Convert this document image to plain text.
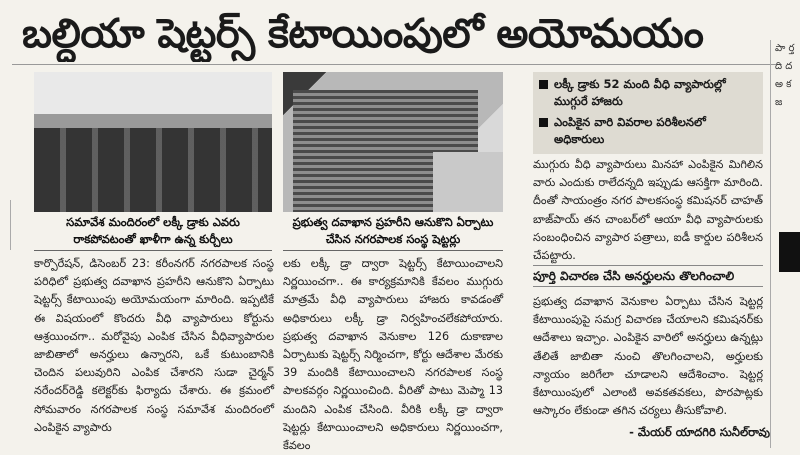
బల్దియా షెట్టర్స్ కేటాయింపులో అయోమయం
సమావేశ మందిరంలో లక్కీ డ్రాకు ఎవరు రాకపోవటంతో ఖాళీగా ఉన్న కుర్చీలు
ప్రభుత్వ దవాఖాన ప్రహరీని ఆనుకొని ఏర్పాటు చేసిన నగరపాలక సంస్థ షెట్టర్లు
లక్కీ డ్రాకు 52 మంది వీధి వ్యాపారుల్లో ముగ్గురే హాజరు
ఎంపికైన వారి వివరాల పరిశీలనలో అధికారులు

కార్పొరేషన్, డిసెంబర్ 23: కరీంనగర్ నగరపాలక సంస్థ పరిధిలో ప్రభుత్వ దవాఖాన ప్రహరీని ఆనుకొని ఏర్పాటు షెట్టర్స్ కేటాయింపు అయోమయంగా మారింది. ఇప్పటికే ఈ విషయంలో కొందరు వీధి వ్యాపారులు కోర్టును ఆశ్రయించగా.. మరోవైపు ఎంపిక చేసిన వీధివ్యాపారుల జాబితాలో అనర్హులు ఉన్నారని, ఒకే కుటుంబానికి చెందిన పలువురిని ఎంపిక చేశారని సుడా చైర్మన్ నరేందర్‌రెడ్డి కలెక్టర్‌కు ఫిర్యాదు చేశారు. ఈ క్రమంలో సోమవారం నగరపాలక సంస్థ సమావేశ మందిరంలో ఎంపికైన వ్యాపారు

లకు లక్కీ డ్రా ద్వారా షెట్టర్స్ కేటాయించాలని నిర్ణయించగా.. ఈ కార్యక్రమానికి కేవలం ముగ్గురు మాత్రమే వీధి వ్యాపారులు హాజరు కావడంతో అధికారులు లక్కీ డ్రా నిర్వహించలేకపోయారు. ప్రభుత్వ దవాఖాన వెనుకాల 126 దుకాణాల ఏర్పాటుకు షెట్టర్స్ నిర్మించగా, కోర్టు ఆదేశాల మేరకు 39 మందికి కేటాయించాలని నగరపాలక సంస్థ పాలకవర్గం నిర్ణయించింది. వీరితో పాటు మెప్మా 13 మందిని ఎంపిక చేసింది. వీరికి లక్కీ డ్రా ద్వారా షెట్టర్లు కేటాయించాలని అధికారులు నిర్ణయించగా, కేవలం

ముగ్గురు వీధి వ్యాపారులు మినహా ఎంపికైన మిగిలిన వారు ఎందుకు రాలేదన్నది ఇప్పుడు ఆసక్తిగా మారింది. దీంతో సాయంత్రం నగర పాలకసంస్థ కమిషనర్ చాహత్ బాజ్‌పాయ్ తన చాంబర్‌లో ఆయా వీధి వ్యాపారులకు సంబంధించిన వ్యాపార పత్రాలు, ఐడీ కార్డుల పరిశీలన చేపట్టారు.

పూర్తి విచారణ చేసి అనర్హులను తొలగించాలి

ప్రభుత్వ దవాఖాన వెనుకాల ఏర్పాటు చేసిన షెట్టర్ల కేటాయింపుపై సమగ్ర విచారణ చేయాలని కమిషనర్‌కు ఆదేశాలు ఇచ్చాం. ఎంపికైన వారిలో అనర్హులు ఉన్నట్లు తేలితే జాబితా నుంచి తొలగించాలని, అర్హులకు న్యాయం జరిగేలా చూడాలని ఆదేశించాం. షెట్టర్ల కేటాయింపులో ఎలాంటి అవకతవకలు, పొరపాట్లకు ఆస్కారం లేకుండా తగిన చర్యలు తీసుకోవాలి.

- మేయర్ యాదగిరి సునీల్‌రావు
పా ర్త ది ద అ క జ
